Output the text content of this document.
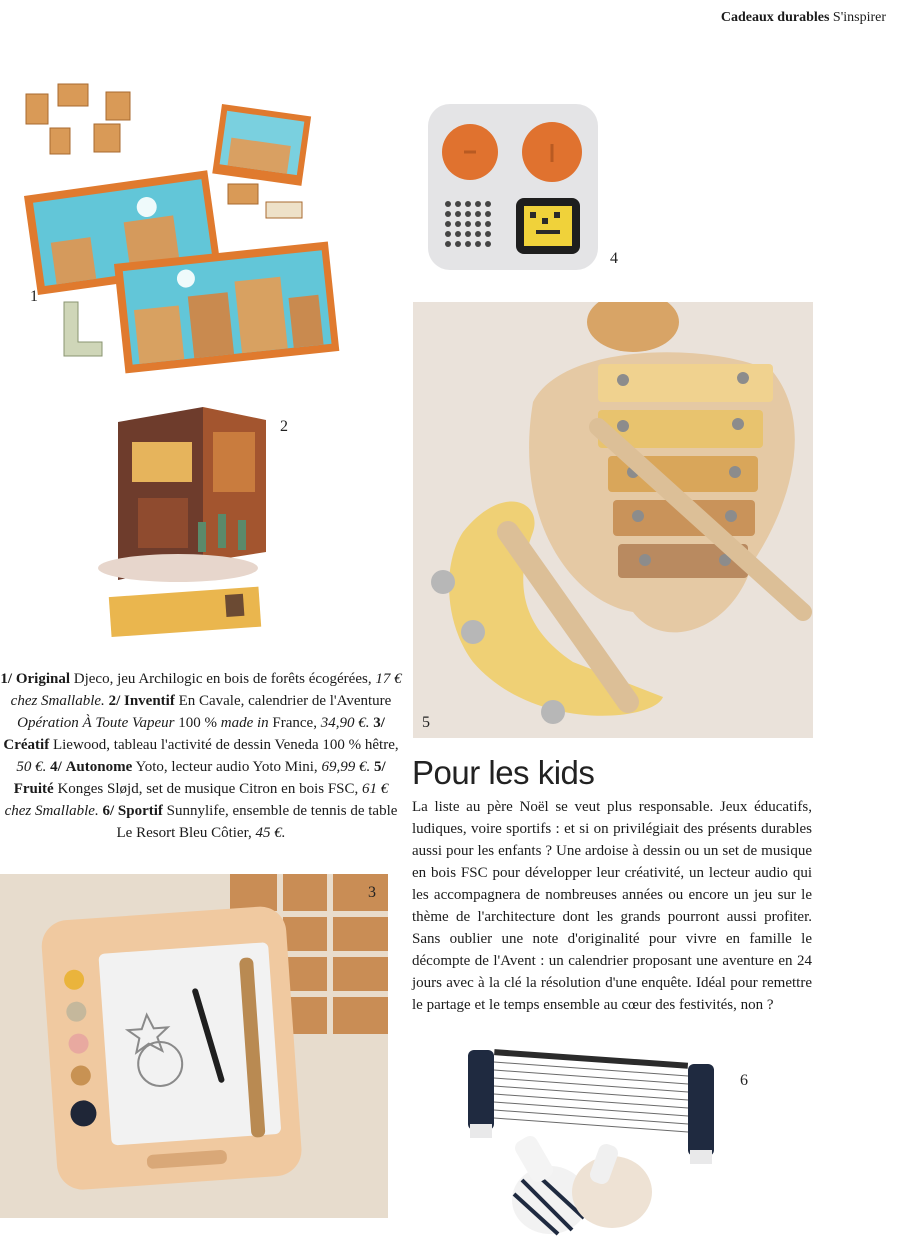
Cadeaux durables S'inspirer
1
2
4
5
1/ Original Djeco, jeu Archilogic en bois de forêts écogérées, 17 € chez Smallable. 2/ Inventif En Cavale, calendrier de l'Aventure Opération À Toute Vapeur 100 % made in France, 34,90 €. 3/ Créatif Liewood, tableau l'activité de dessin Veneda 100 % hêtre, 50 €. 4/ Autonome Yoto, lecteur audio Yoto Mini, 69,99 €. 5/ Fruité Konges Sløjd, set de musique Citron en bois FSC, 61 € chez Smallable. 6/ Sportif Sunnylife, ensemble de tennis de table Le Resort Bleu Côtier, 45 €.
Pour les kids
La liste au père Noël se veut plus responsable. Jeux éducatifs, ludiques, voire sportifs : et si on privilégiait des présents durables aussi pour les enfants ? Une ardoise à dessin ou un set de musique en bois FSC pour développer leur créativité, un lecteur audio qui les accompagnera de nombreuses années ou encore un jeu sur le thème de l'architecture dont les grands pourront aussi profiter. Sans oublier une note d'originalité pour vivre en famille le décompte de l'Avent : un calendrier proposant une aventure en 24 jours avec à la clé la résolution d'une enquête. Idéal pour remettre le partage et le temps ensemble au cœur des festivités, non ?
3
6
